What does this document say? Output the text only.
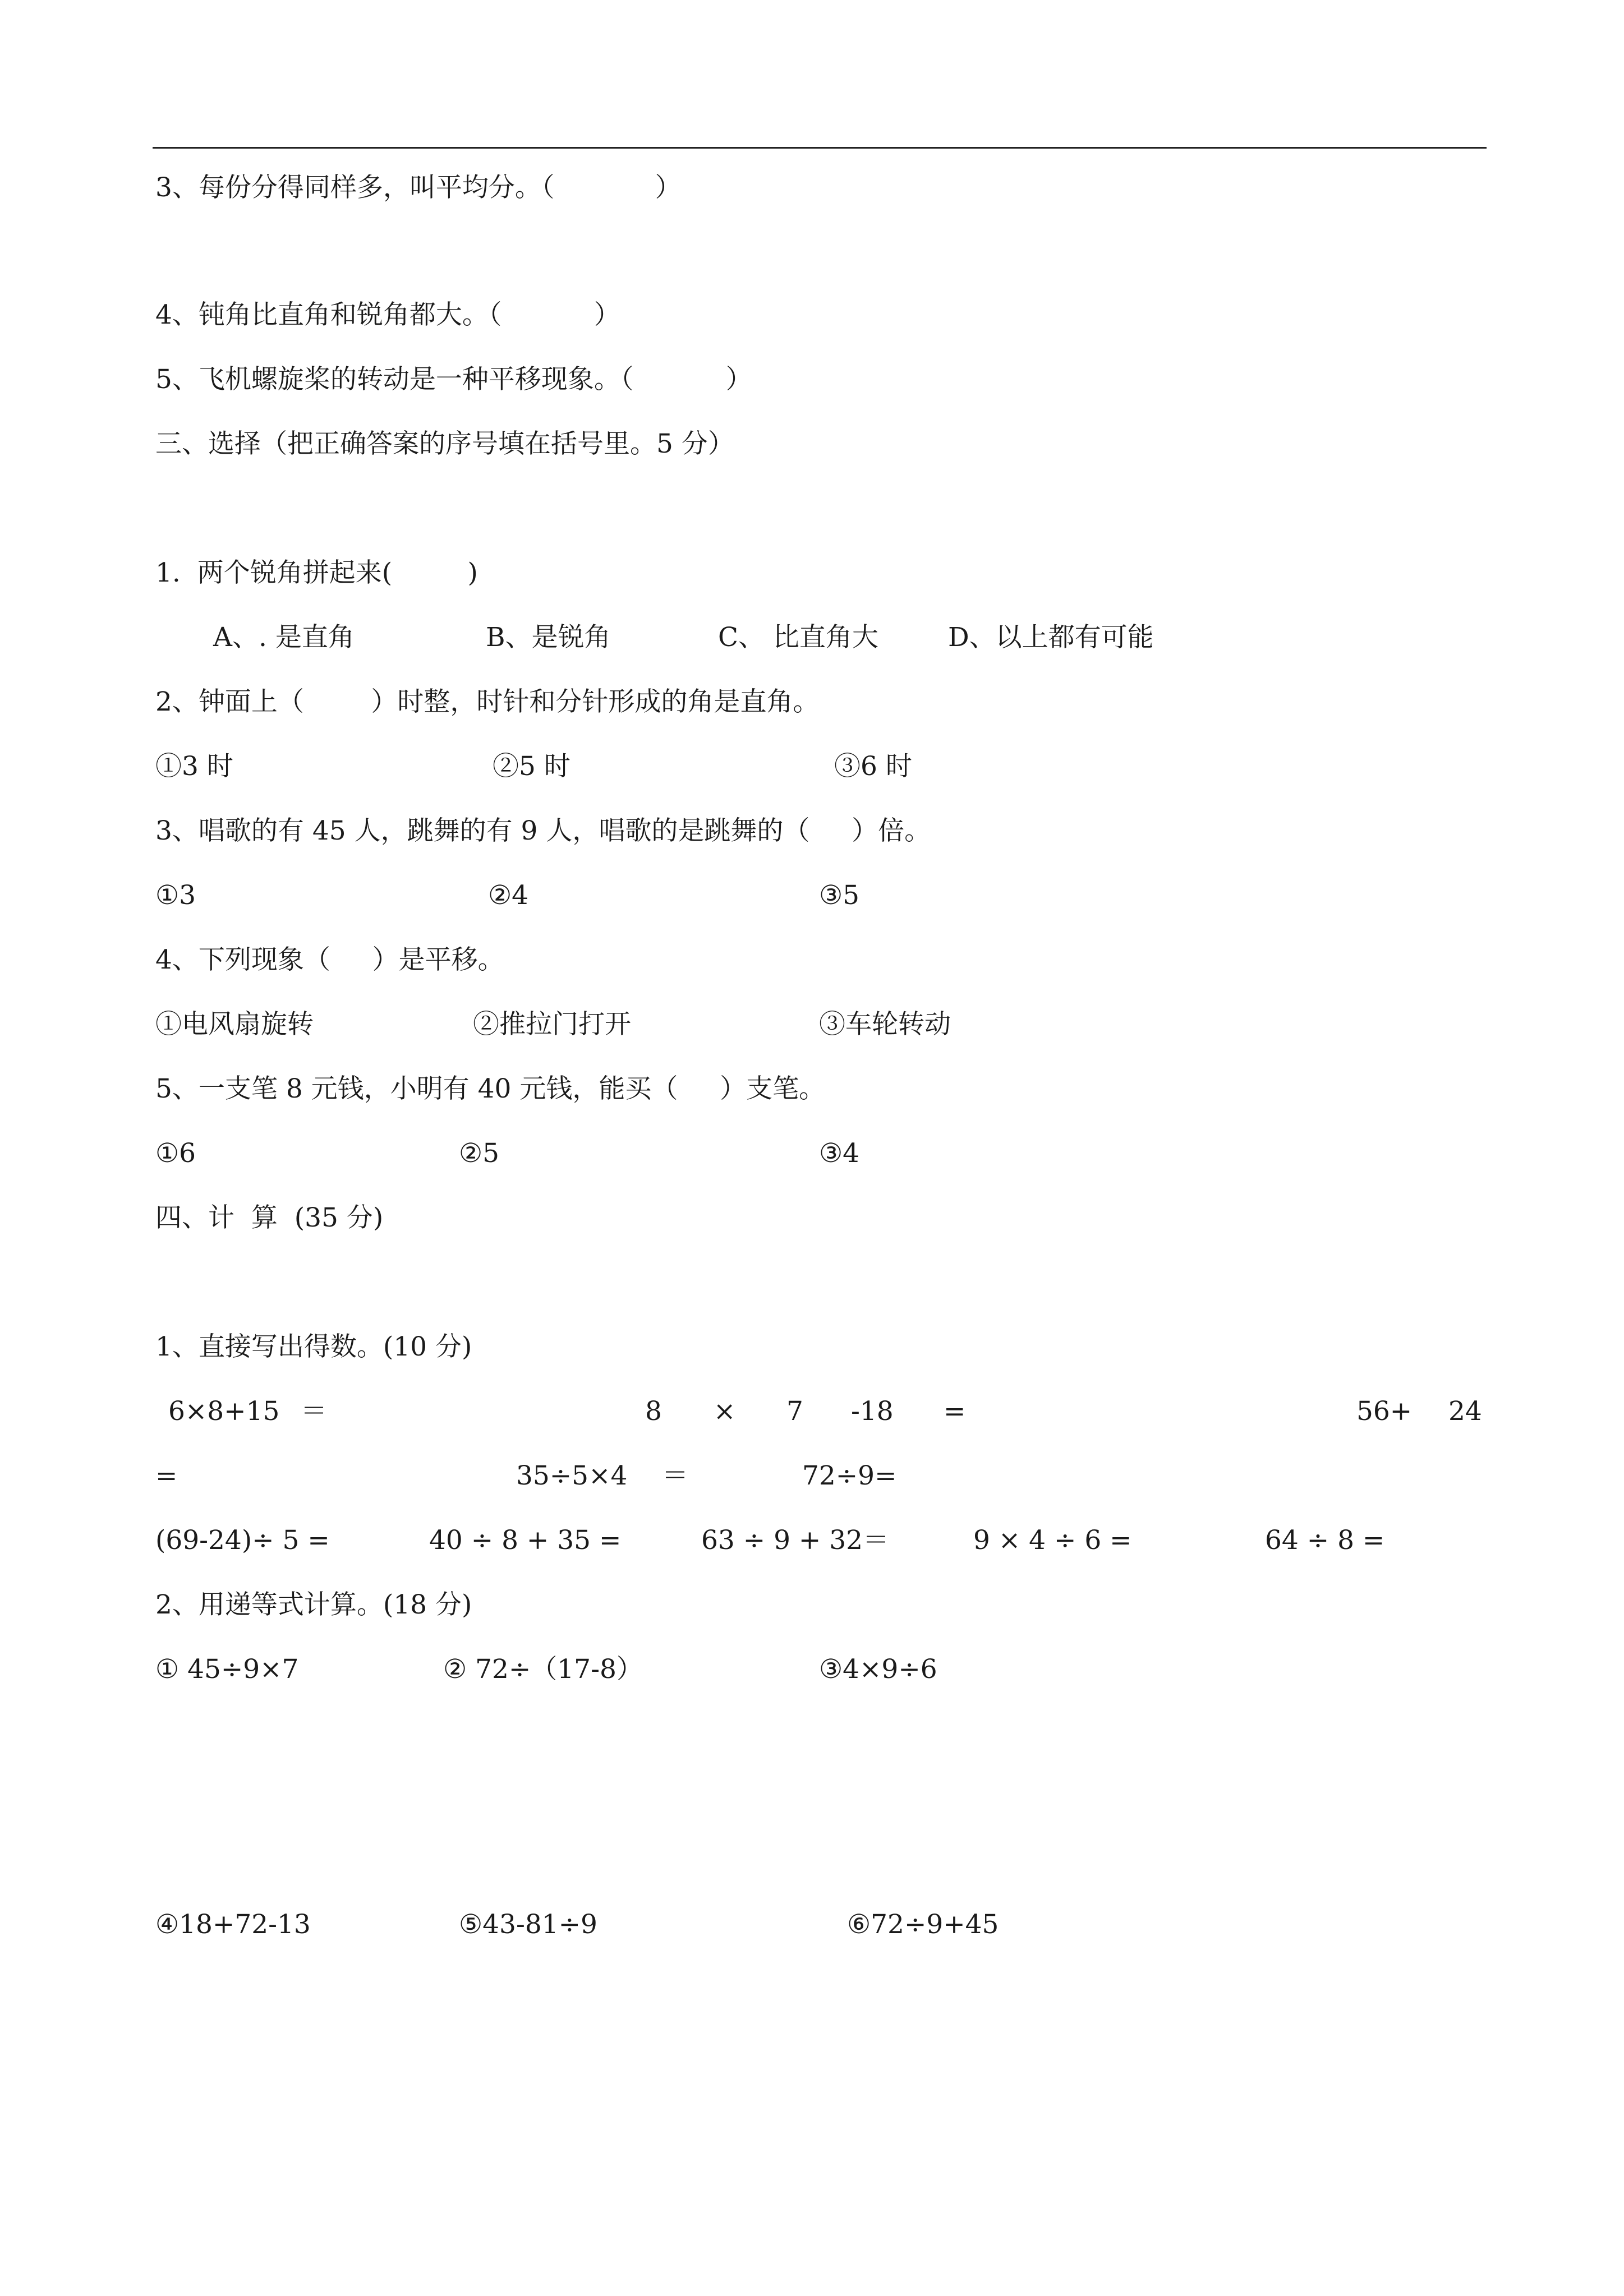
3、每份分得同样多，叫平均分。（            ）
4、钝角比直角和锐角都大。（           ）
5、飞机螺旋桨的转动是一种平移现象。（           ）
三、选择（把正确答案的序号填在括号里。5 分）
1.  两个锐角拼起来(         )
A、. 是直角	B、是锐角	C、 比直角大	D、以上都有可能
2、钟面上（        ）时整，时针和分针形成的角是直角。
①3 时	②5 时	③6 时
3、唱歌的有 45 人，跳舞的有 9 人，唱歌的是跳舞的（     ）倍。
①3	②4	③5
4、下列现象（     ）是平移。
①电风扇旋转	②推拉门打开	③车轮转动
5、一支笔 8 元钱，小明有 40 元钱，能买（     ）支笔。
①6	②5	③4
四、计  算  (35 分)
1、直接写出得数。(10 分)
6×8+15 ＝	8 × 7 -18 =	56+ 24
=	35÷5×4 ＝	72÷9=
(69-24)÷ 5 =	40 ÷ 8 + 35 =	63 ÷ 9 + 32＝	9 × 4 ÷ 6 =	64 ÷ 8 =
2、用递等式计算。(18 分)
① 45÷9×7	② 72÷（17-8）	③4×9÷6
④18+72-13	⑤43-81÷9	⑥72÷9+45
